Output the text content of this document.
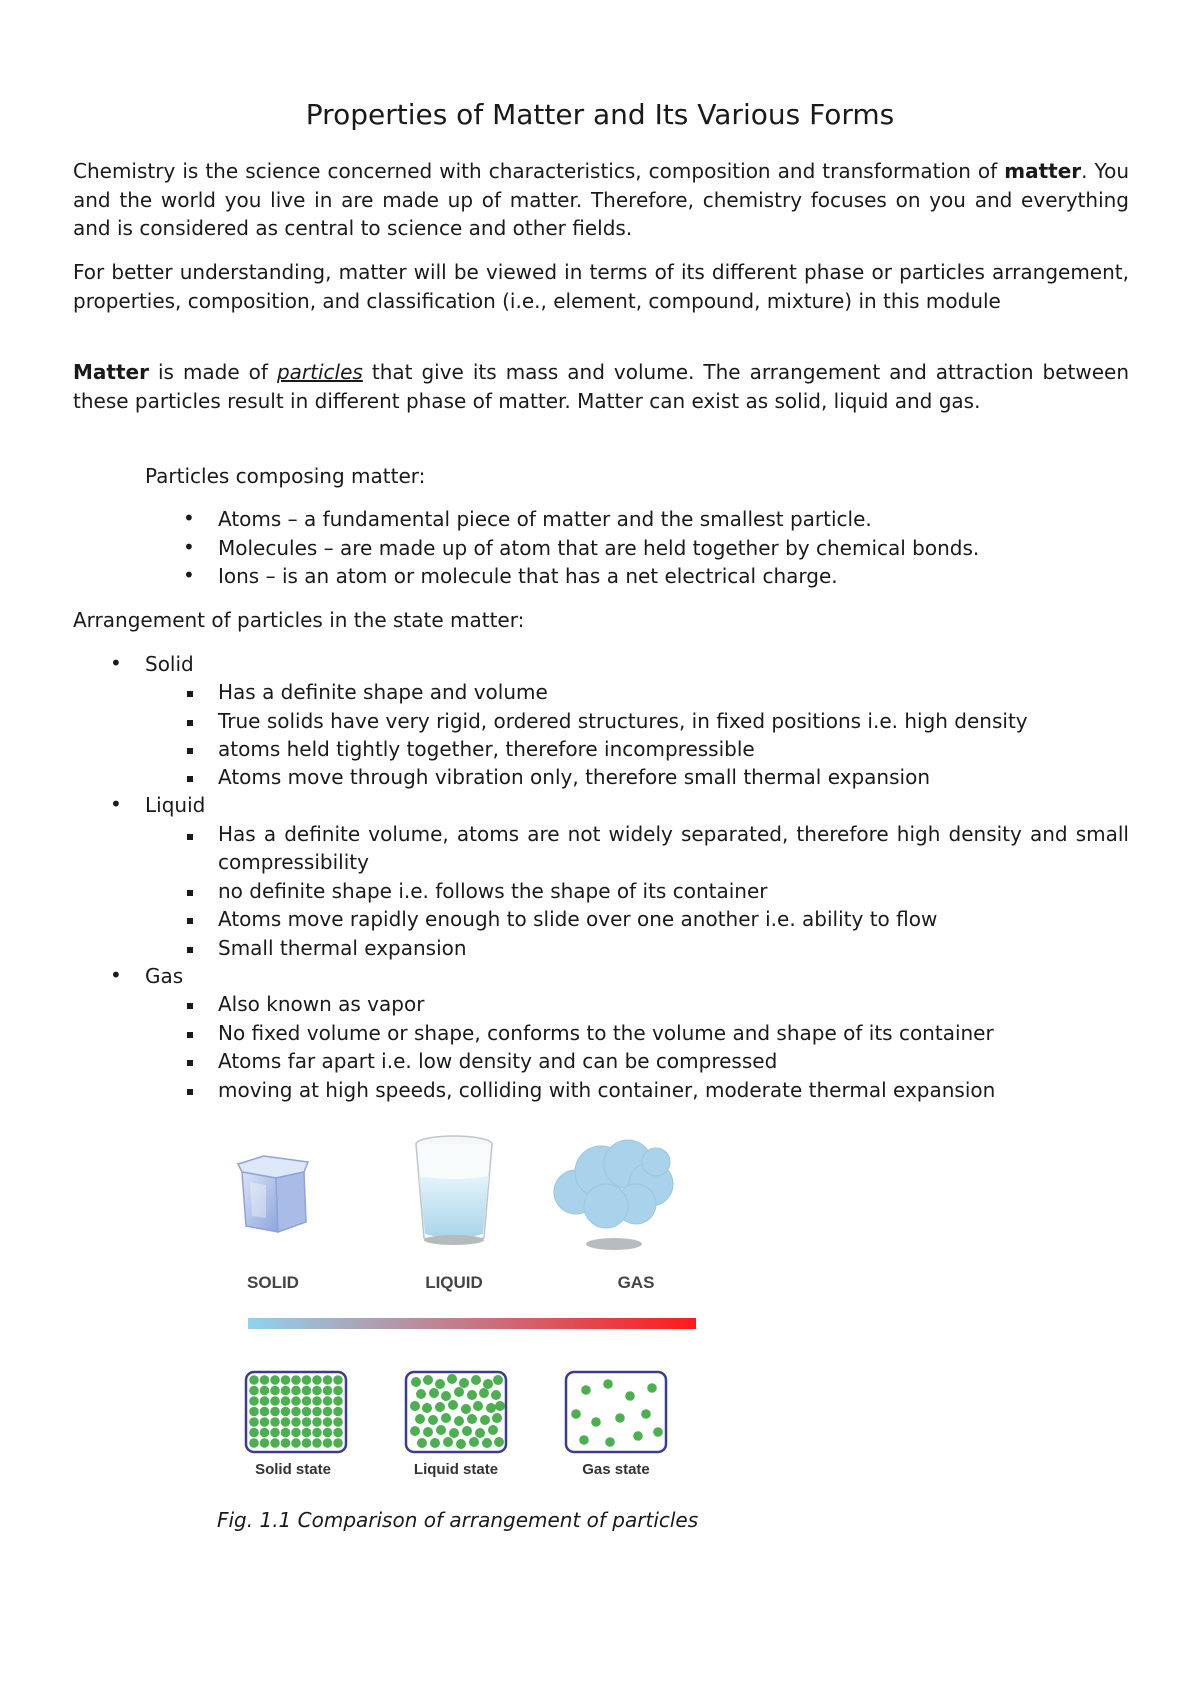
Properties of Matter and Its Various Forms

Chemistry is the science concerned with characteristics, composition and transformation of matter. You and the world you live in are made up of matter. Therefore, chemistry focuses on you and everything and is considered as central to science and other fields.

For better understanding, matter will be viewed in terms of its different phase or particles arrangement, properties, composition, and classification (i.e., element, compound, mixture) in this module

Matter is made of particles that give its mass and volume. The arrangement and attraction between these particles result in different phase of matter. Matter can exist as solid, liquid and gas.

Particles composing matter:

• Atoms – a fundamental piece of matter and the smallest particle.

• Molecules – are made up of atom that are held together by chemical bonds.

• Ions – is an atom or molecule that has a net electrical charge.

Arrangement of particles in the state matter:

• Solid

Has a definite shape and volume

True solids have very rigid, ordered structures, in fixed positions i.e. high density

atoms held tightly together, therefore incompressible

Atoms move through vibration only, therefore small thermal expansion

• Liquid

Has a definite volume, atoms are not widely separated, therefore high density and small compressibility

no definite shape i.e. follows the shape of its container

Atoms move rapidly enough to slide over one another i.e. ability to flow

Small thermal expansion

• Gas

Also known as vapor

No fixed volume or shape, conforms to the volume and shape of its container

Atoms far apart i.e. low density and can be compressed

moving at high speeds, colliding with container, moderate thermal expansion

SOLID	LIQUID	GAS
Solid state	Liquid state	Gas state

Fig. 1.1 Comparison of arrangement of particles
